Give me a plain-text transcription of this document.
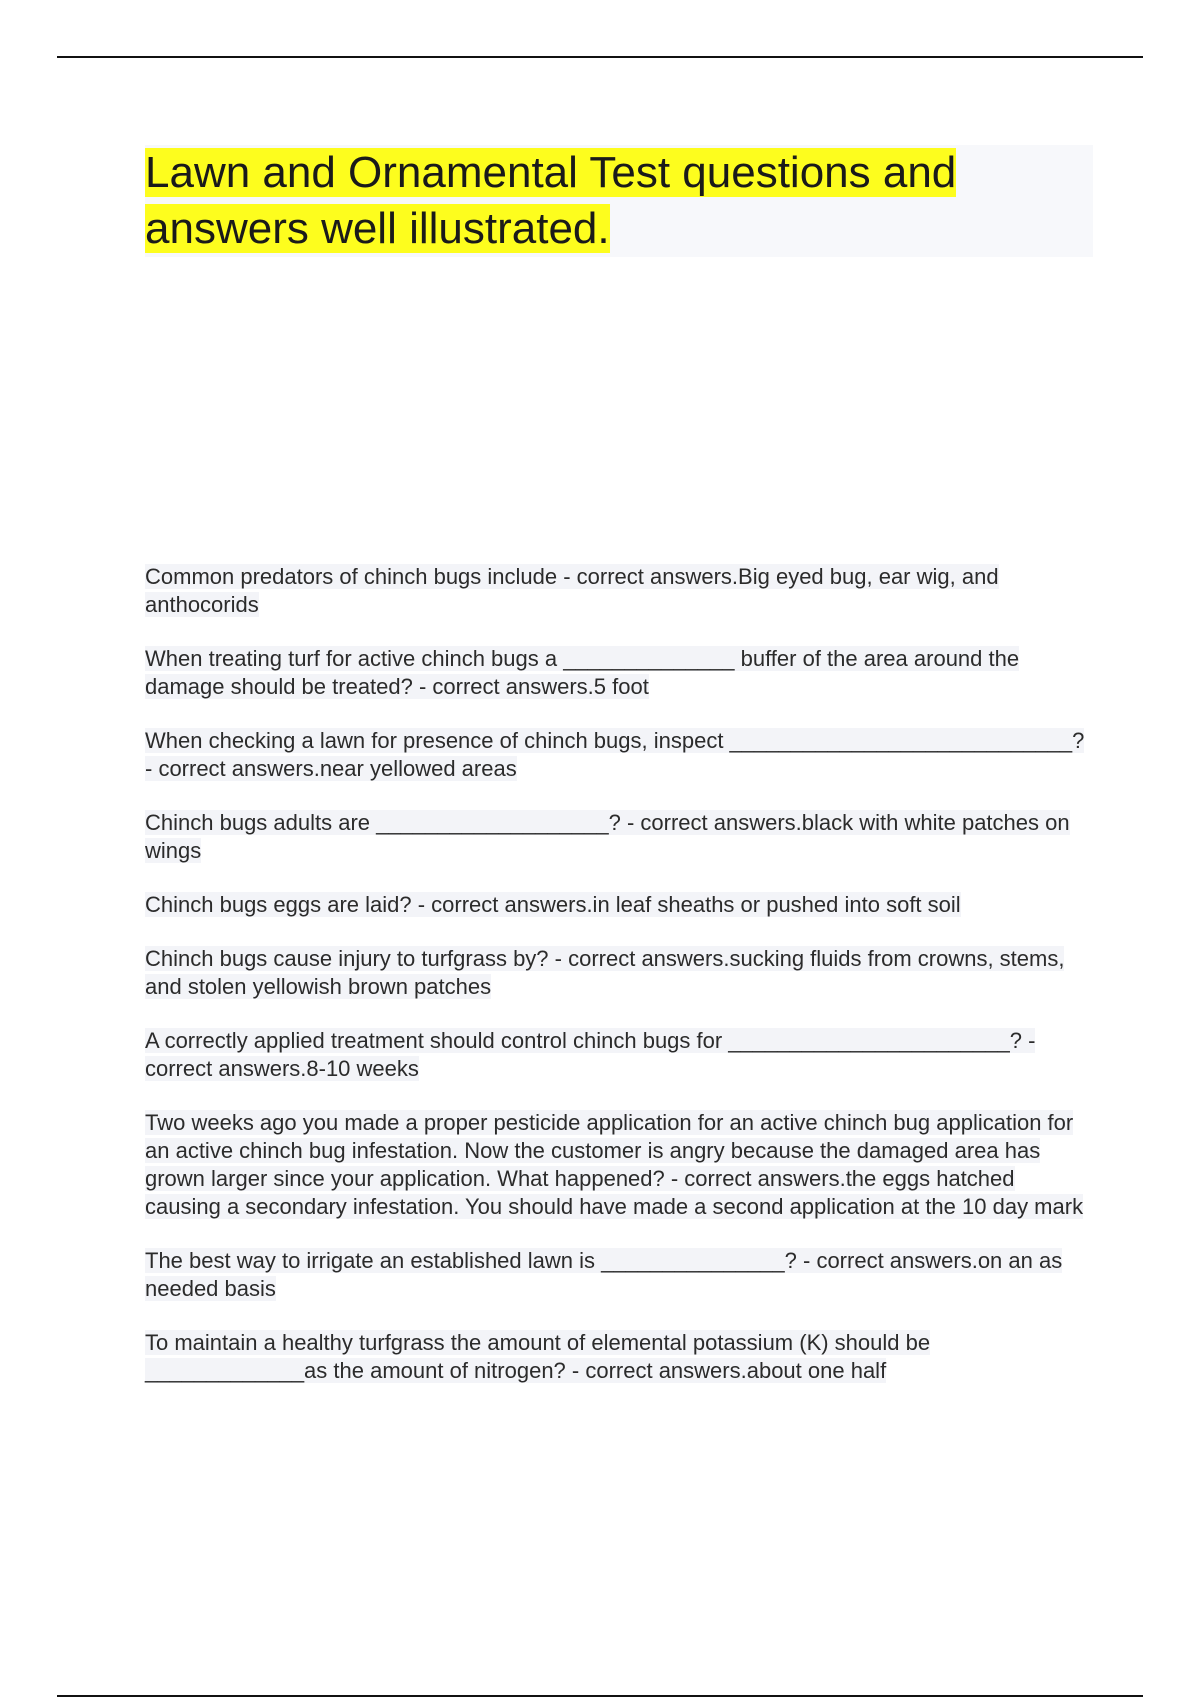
Lawn and Ornamental Test questions and answers well illustrated.
Common predators of chinch bugs include - correct answers.Big eyed bug, ear wig, and anthocorids
When treating turf for active chinch bugs a ______________ buffer of the area around the damage should be treated? - correct answers.5 foot
When checking a lawn for presence of chinch bugs, inspect ____________________________? - correct answers.near yellowed areas
Chinch bugs adults are ___________________? - correct answers.black with white patches on wings
Chinch bugs eggs are laid? - correct answers.in leaf sheaths or pushed into soft soil
Chinch bugs cause injury to turfgrass by? - correct answers.sucking fluids from crowns, stems, and stolen yellowish brown patches
A correctly applied treatment should control chinch bugs for _______________________? - correct answers.8-10 weeks
Two weeks ago you made a proper pesticide application for an active chinch bug application for an active chinch bug infestation. Now the customer is angry because the damaged area has grown larger since your application. What happened? - correct answers.the eggs hatched causing a secondary infestation. You should have made a second application at the 10 day mark
The best way to irrigate an established lawn is _______________? - correct answers.on an as needed basis
To maintain a healthy turfgrass the amount of elemental potassium (K) should be _____________as the amount of nitrogen? - correct answers.about one half
